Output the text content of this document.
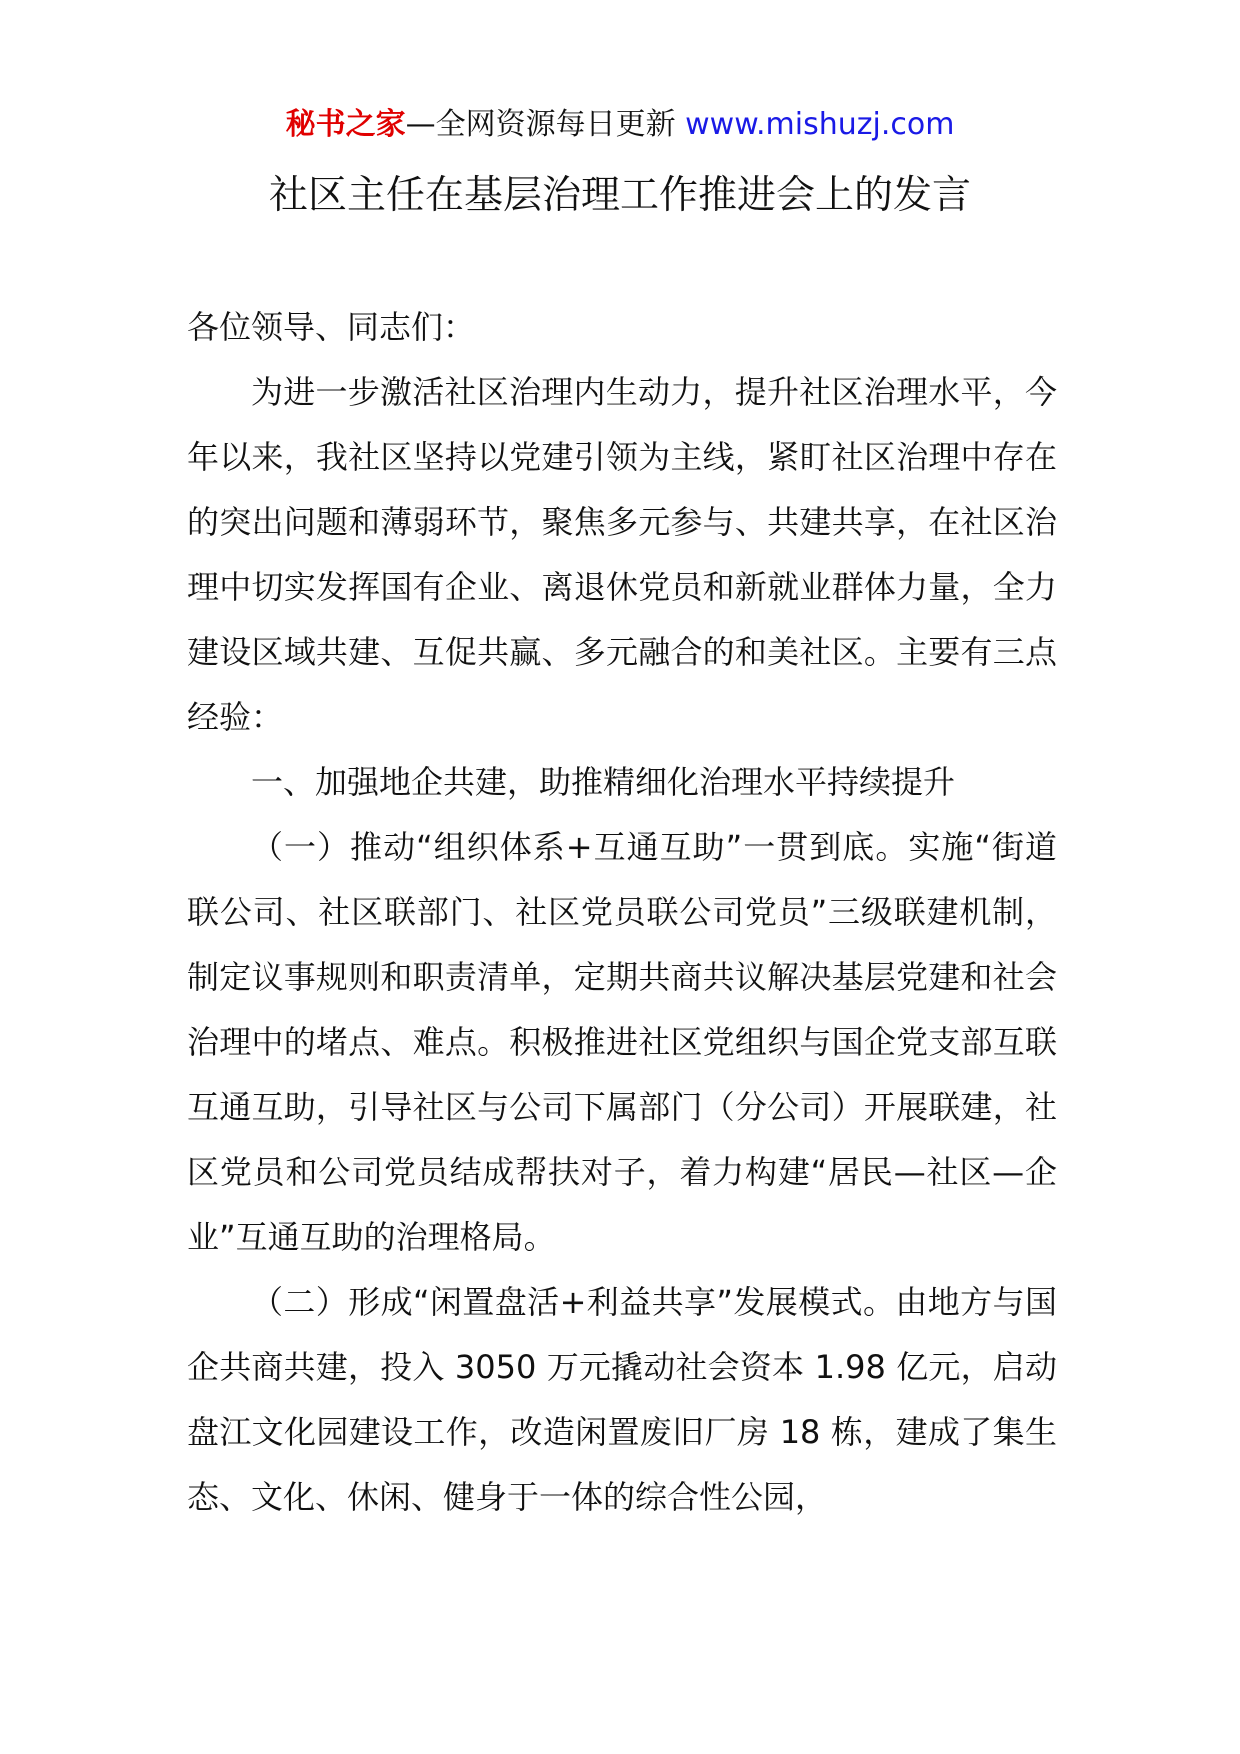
秘书之家—全网资源每日更新 www.mishuzj.com
社区主任在基层治理工作推进会上的发言

各位领导、同志们：

为进一步激活社区治理内生动力，提升社区治理水平，今年以来，我社区坚持以党建引领为主线，紧盯社区治理中存在的突出问题和薄弱环节，聚焦多元参与、共建共享，在社区治理中切实发挥国有企业、离退休党员和新就业群体力量，全力建设区域共建、互促共赢、多元融合的和美社区。主要有三点经验：

一、加强地企共建，助推精细化治理水平持续提升

（一）推动“组织体系+互通互助”一贯到底。实施“街道联公司、社区联部门、社区党员联公司党员”三级联建机制，制定议事规则和职责清单，定期共商共议解决基层党建和社会治理中的堵点、难点。积极推进社区党组织与国企党支部互联互通互助，引导社区与公司下属部门（分公司）开展联建，社区党员和公司党员结成帮扶对子，着力构建“居民—社区—企业”互通互助的治理格局。

（二）形成“闲置盘活+利益共享”发展模式。由地方与国企共商共建，投入 3050 万元撬动社会资本 1.98 亿元，启动盘江文化园建设工作，改造闲置废旧厂房 18 栋，建成了集生态、文化、休闲、健身于一体的综合性公园，
